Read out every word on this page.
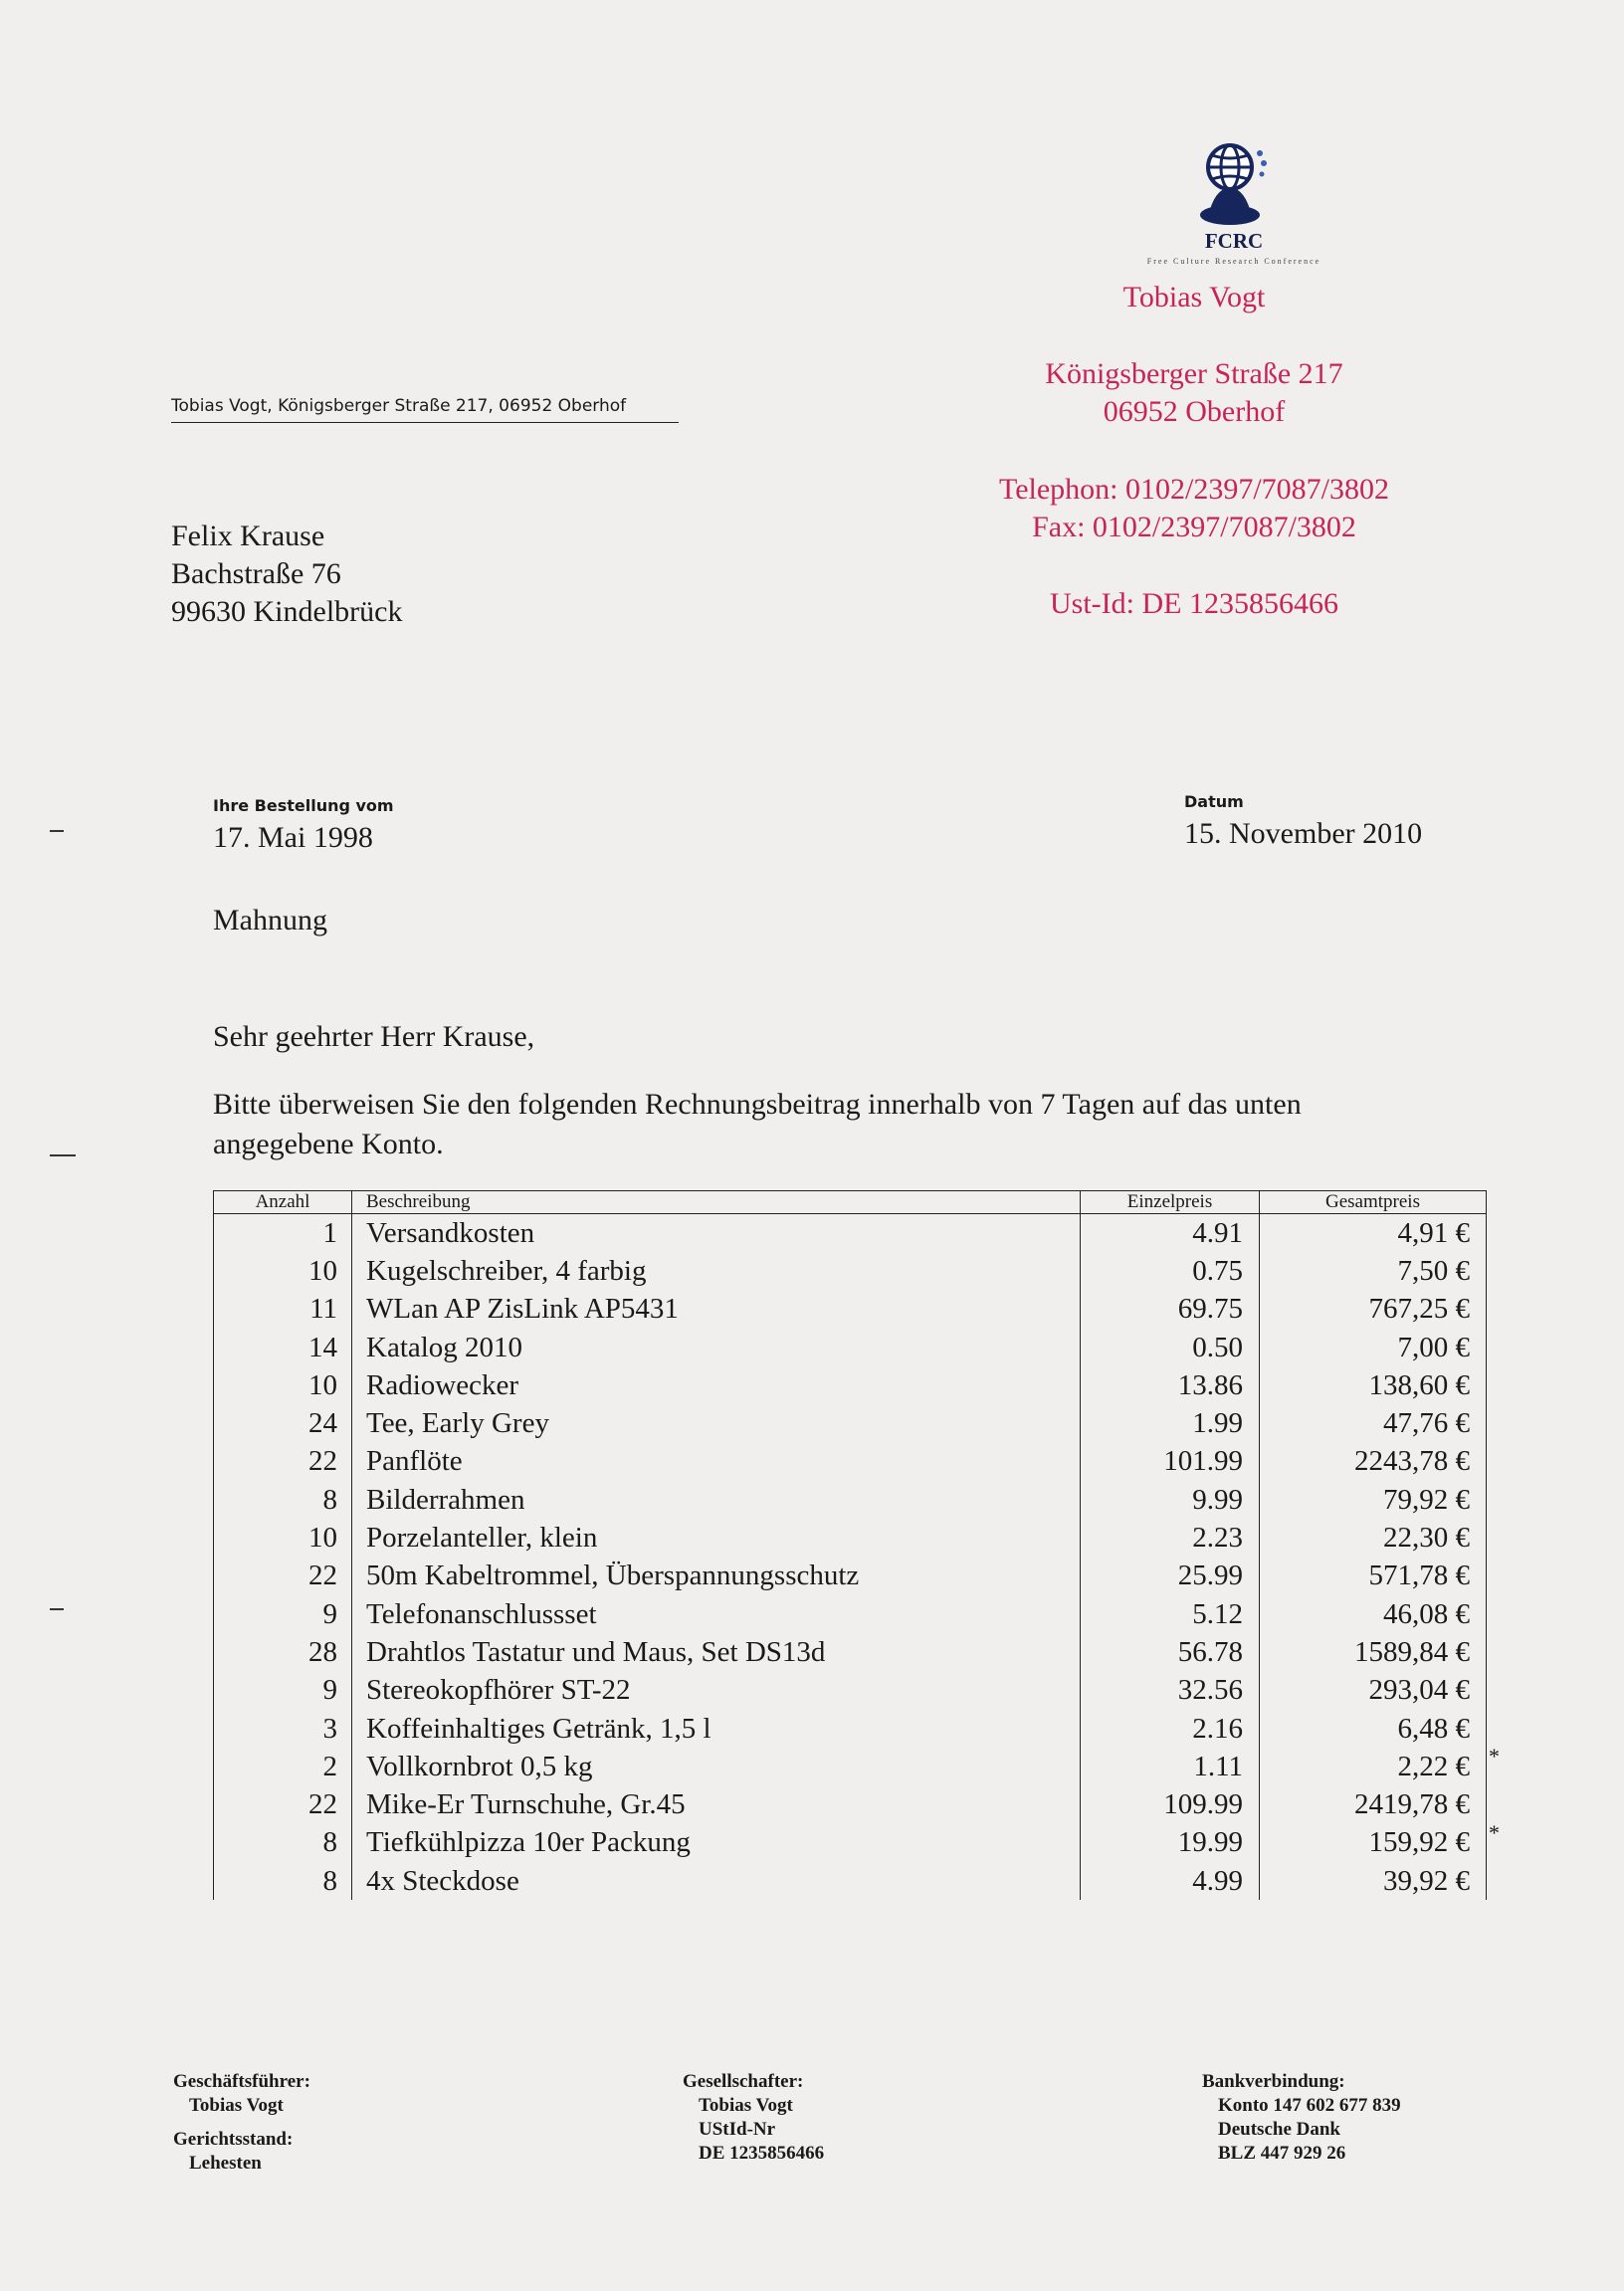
FCRC
Free Culture Research Conference
Tobias Vogt
Königsberger Straße 217
06952 Oberhof
Telephon: 0102/2397/7087/3802
Fax: 0102/2397/7087/3802
Ust-Id: DE 1235856466
Tobias Vogt, Königsberger Straße 217, 06952 Oberhof
Felix Krause
Bachstraße 76
99630 Kindelbrück
Ihre Bestellung vom
17. Mai 1998
Datum
15. November 2010
Mahnung
Sehr geehrter Herr Krause,
Bitte überweisen Sie den folgenden Rechnungsbeitrag innerhalb von 7 Tagen auf das unten angegebene Konto.
Anzahl	Beschreibung	Einzelpreis	Gesamtpreis
1	Versandkosten	4.91	4,91 €
10	Kugelschreiber, 4 farbig	0.75	7,50 €
11	WLan AP ZisLink AP5431	69.75	767,25 €
14	Katalog 2010	0.50	7,00 €
10	Radiowecker	13.86	138,60 €
24	Tee, Early Grey	1.99	47,76 €
22	Panflöte	101.99	2243,78 €
8	Bilderrahmen	9.99	79,92 €
10	Porzelanteller, klein	2.23	22,30 €
22	50m Kabeltrommel, Überspannungsschutz	25.99	571,78 €
9	Telefonanschlussset	5.12	46,08 €
28	Drahtlos Tastatur und Maus, Set DS13d	56.78	1589,84 €
9	Stereokopfhörer ST-22	32.56	293,04 €
3	Koffeinhaltiges Getränk, 1,5 l	2.16	6,48 €
2	Vollkornbrot 0,5 kg	1.11	2,22 € *

22	Mike-Er Turnschuhe, Gr.45	109.99	2419,78 €
8	Tiefkühlpizza 10er Packung	19.99	159,92 € *

8	4x Steckdose	4.99	39,92 €
Geschäftsführer:
Tobias Vogt
Gerichtsstand:
Lehesten
Gesellschafter:
Tobias Vogt
UStId-Nr
DE 1235856466
Bankverbindung:
Konto 147 602 677 839
Deutsche Dank
BLZ 447 929 26
